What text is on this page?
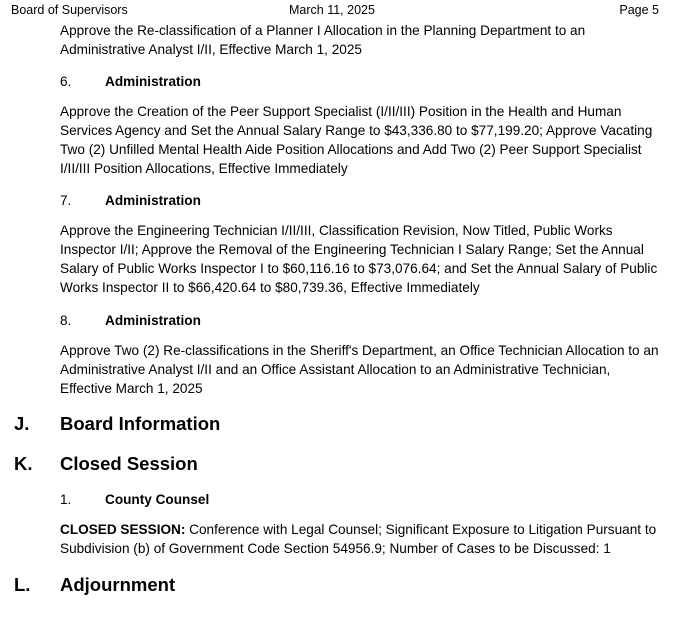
Board of Supervisors	March 11, 2025	Page 5
Approve the Re-classification of a Planner I Allocation in the Planning Department to an Administrative Analyst I/II, Effective March 1, 2025
6. Administration
Approve the Creation of the Peer Support Specialist (I/II/III) Position in the Health and Human Services Agency and Set the Annual Salary Range to $43,336.80 to $77,199.20; Approve Vacating Two (2) Unfilled Mental Health Aide Position Allocations and Add Two (2) Peer Support Specialist I/II/III Position Allocations, Effective Immediately
7. Administration
Approve the Engineering Technician I/II/III, Classification Revision, Now Titled, Public Works Inspector I/II; Approve the Removal of the Engineering Technician I Salary Range; Set the Annual Salary of Public Works Inspector I to $60,116.16 to $73,076.64; and Set the Annual Salary of Public Works Inspector II to $66,420.64 to $80,739.36, Effective Immediately
8. Administration
Approve Two (2) Re-classifications in the Sheriff's Department, an Office Technician Allocation to an Administrative Analyst I/II and an Office Assistant Allocation to an Administrative Technician, Effective March 1, 2025
J. Board Information
K. Closed Session
1. County Counsel
CLOSED SESSION: Conference with Legal Counsel; Significant Exposure to Litigation Pursuant to Subdivision (b) of Government Code Section 54956.9; Number of Cases to be Discussed: 1
L. Adjournment
